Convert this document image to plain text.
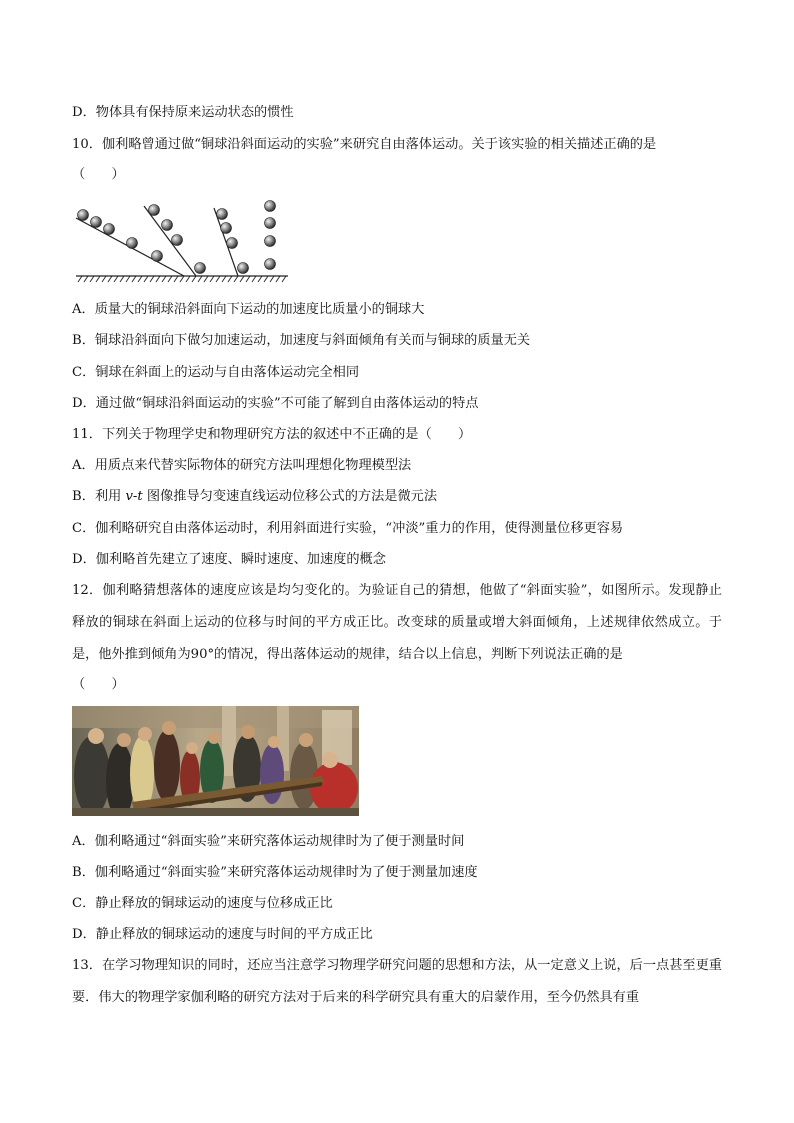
D．物体具有保持原来运动状态的惯性
10．伽利略曾通过做“铜球沿斜面运动的实验”来研究自由落体运动。关于该实验的相关描述正确的是
（　　）
A．质量大的铜球沿斜面向下运动的加速度比质量小的铜球大
B．铜球沿斜面向下做匀加速运动，加速度与斜面倾角有关而与铜球的质量无关
C．铜球在斜面上的运动与自由落体运动完全相同
D．通过做“铜球沿斜面运动的实验”不可能了解到自由落体运动的特点
11．下列关于物理学史和物理研究方法的叙述中不正确的是（　　）
A．用质点来代替实际物体的研究方法叫理想化物理模型法
B．利用 v-t 图像推导匀变速直线运动位移公式的方法是微元法
C．伽利略研究自由落体运动时，利用斜面进行实验，“冲淡”重力的作用，使得测量位移更容易
D．伽利略首先建立了速度、瞬时速度、加速度的概念
12．伽利略猜想落体的速度应该是均匀变化的。为验证自己的猜想，他做了“斜面实验”，如图所示。发现静止释放的铜球在斜面上运动的位移与时间的平方成正比。改变球的质量或增大斜面倾角，上述规律依然成立。于是，他外推到倾角为90°的情况，得出落体运动的规律，结合以上信息，判断下列说法正确的是
（　　）
A．伽利略通过“斜面实验”来研究落体运动规律时为了便于测量时间
B．伽利略通过“斜面实验”来研究落体运动规律时为了便于测量加速度
C．静止释放的铜球运动的速度与位移成正比
D．静止释放的铜球运动的速度与时间的平方成正比
13．在学习物理知识的同时，还应当注意学习物理学研究问题的思想和方法，从一定意义上说，后一点甚至更重要．伟大的物理学家伽利略的研究方法对于后来的科学研究具有重大的启蒙作用，至今仍然具有重
